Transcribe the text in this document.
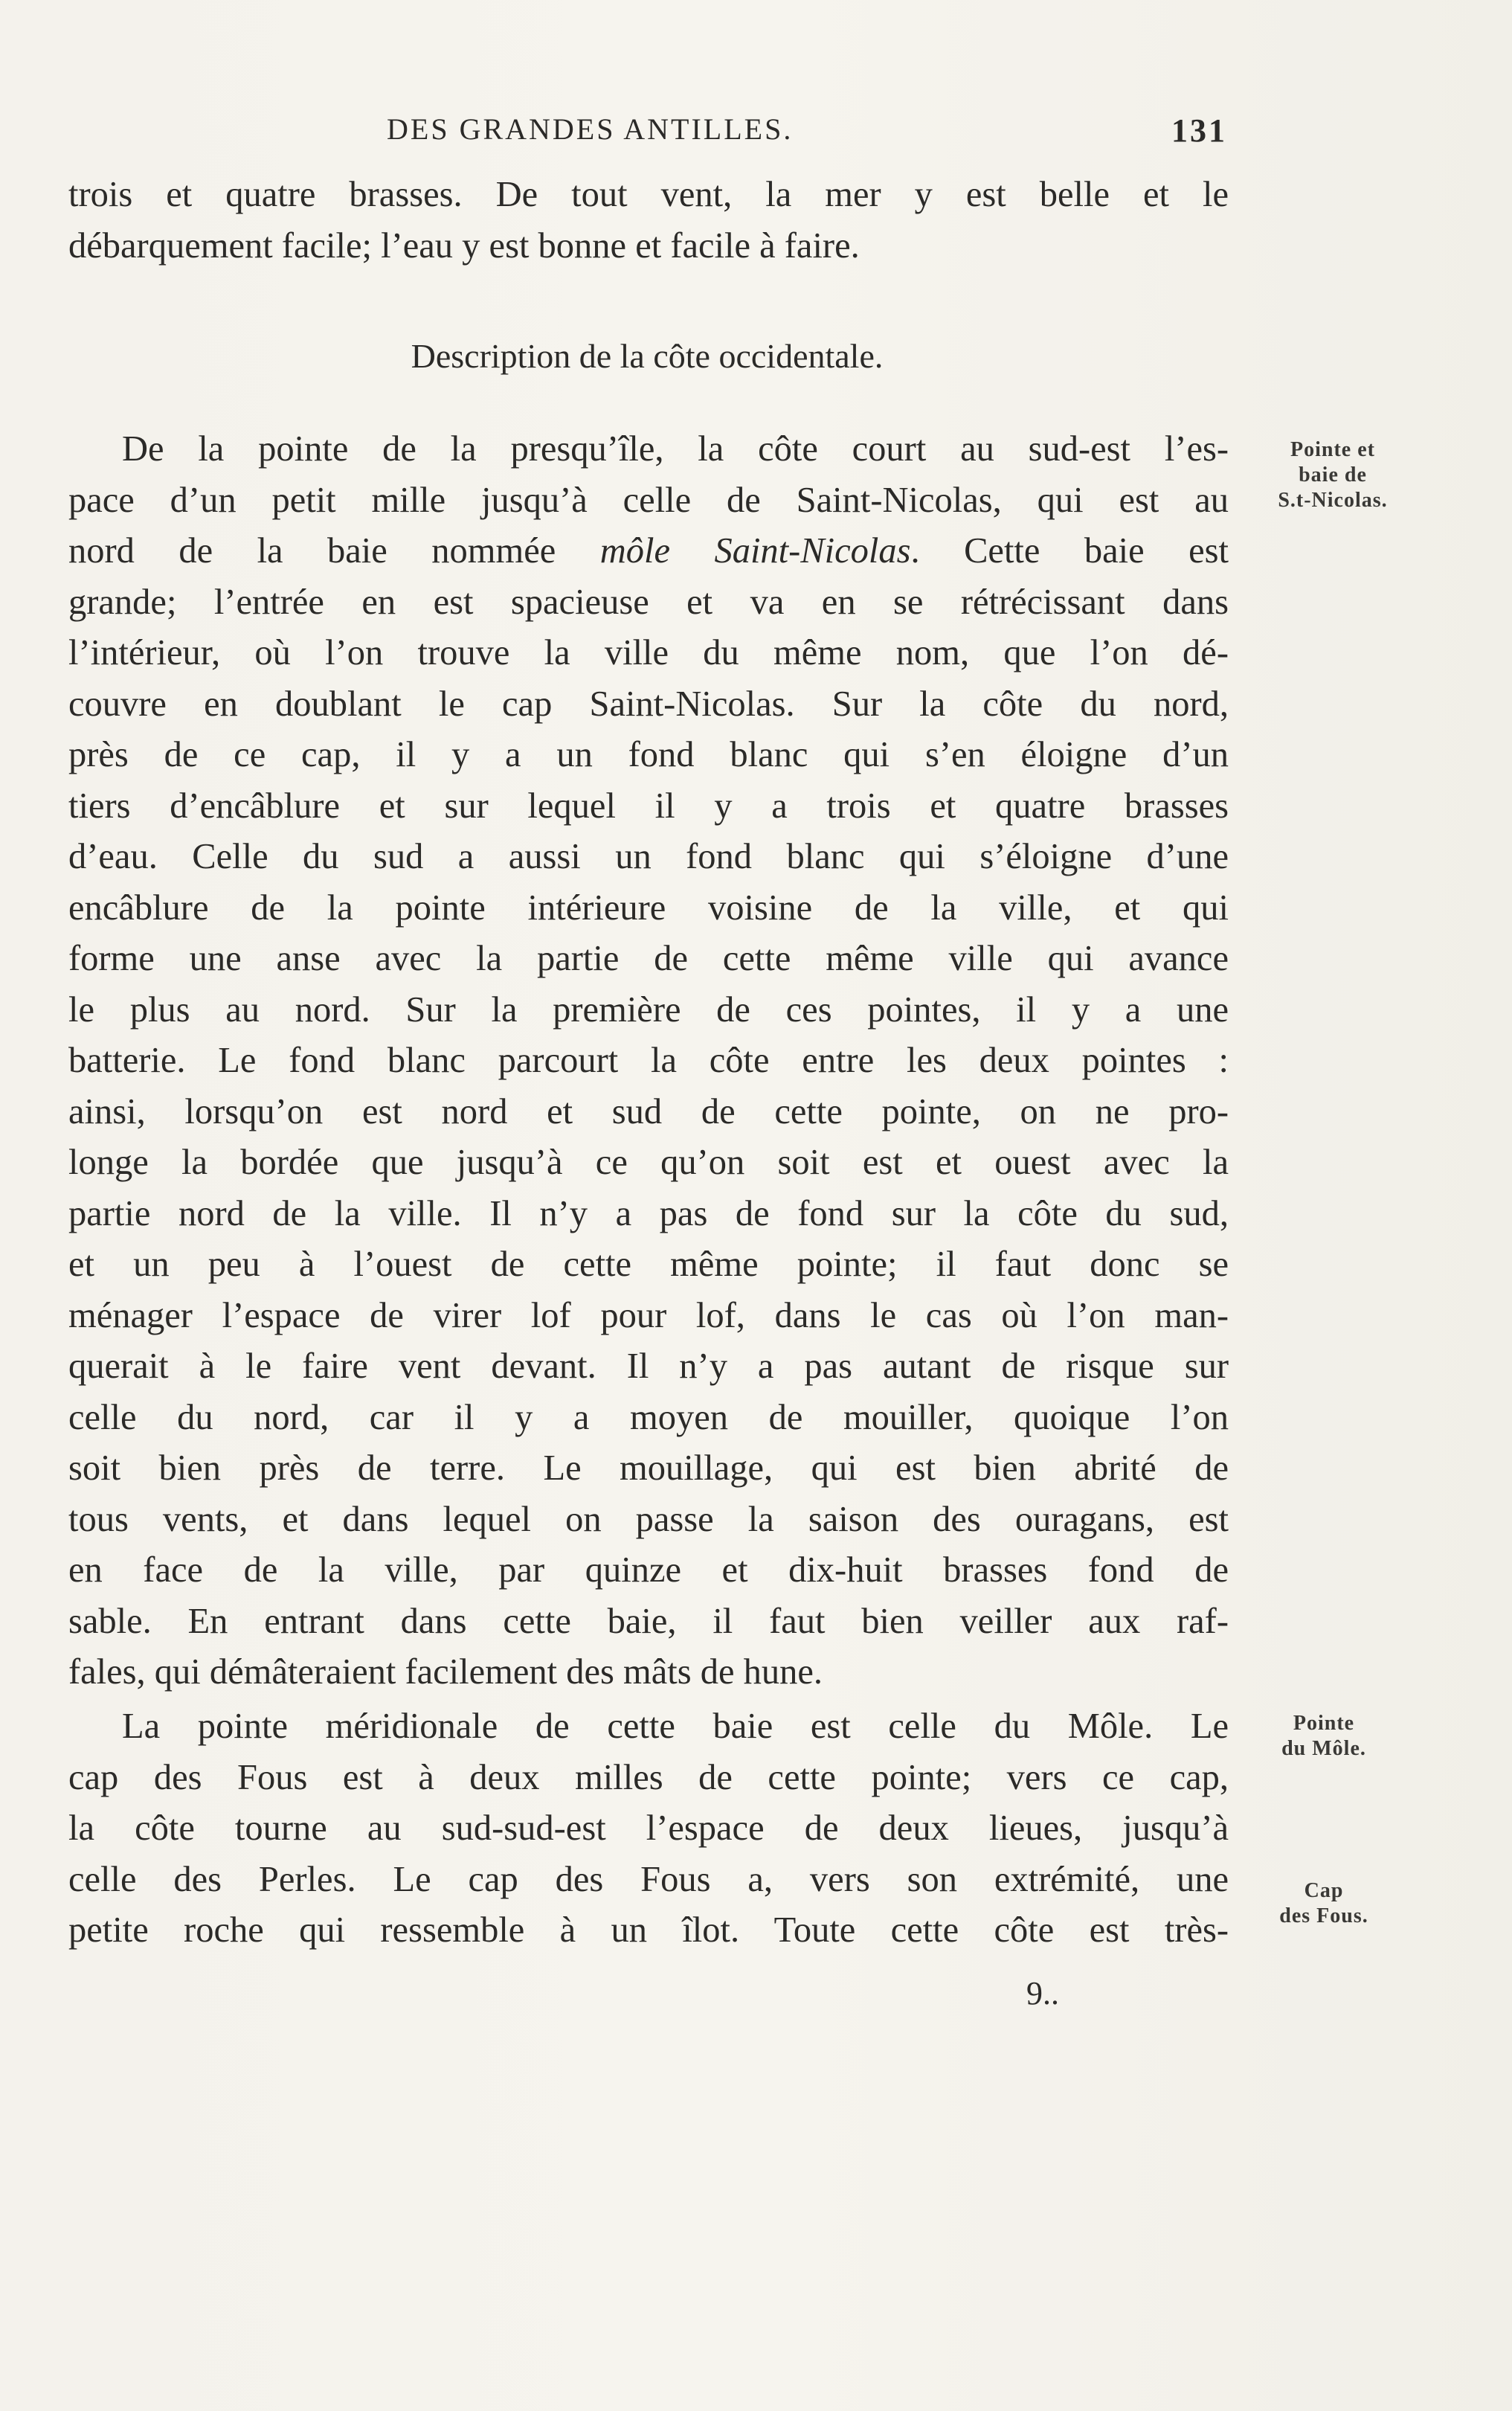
DES GRANDES ANTILLES.	131
trois et quatre brasses. De tout vent, la mer y est belle et le
débarquement facile; l’eau y est bonne et facile à faire.
Description de la côte occidentale.
De la pointe de la presqu’île, la côte court au sud-est l’es-
pace d’un petit mille jusqu’à celle de Saint-Nicolas, qui est au
nord de la baie nommée môle Saint-Nicolas. Cette baie est
grande; l’entrée en est spacieuse et va en se rétrécissant dans
l’intérieur, où l’on trouve la ville du même nom, que l’on dé-
couvre en doublant le cap Saint-Nicolas. Sur la côte du nord,
près de ce cap, il y a un fond blanc qui s’en éloigne d’un
tiers d’encâblure et sur lequel il y a trois et quatre brasses
d’eau. Celle du sud a aussi un fond blanc qui s’éloigne d’une
encâblure de la pointe intérieure voisine de la ville, et qui
forme une anse avec la partie de cette même ville qui avance
le plus au nord. Sur la première de ces pointes, il y a une
batterie. Le fond blanc parcourt la côte entre les deux pointes :
ainsi, lorsqu’on est nord et sud de cette pointe, on ne pro-
longe la bordée que jusqu’à ce qu’on soit est et ouest avec la
partie nord de la ville. Il n’y a pas de fond sur la côte du sud,
et un peu à l’ouest de cette même pointe; il faut donc se
ménager l’espace de virer lof pour lof, dans le cas où l’on man-
querait à le faire vent devant. Il n’y a pas autant de risque sur
celle du nord, car il y a moyen de mouiller, quoique l’on
soit bien près de terre. Le mouillage, qui est bien abrité de
tous vents, et dans lequel on passe la saison des ouragans, est
en face de la ville, par quinze et dix-huit brasses fond de
sable. En entrant dans cette baie, il faut bien veiller aux raf-
fales, qui démâteraient facilement des mâts de hune.
La pointe méridionale de cette baie est celle du Môle. Le
cap des Fous est à deux milles de cette pointe; vers ce cap,
la côte tourne au sud-sud-est l’espace de deux lieues, jusqu’à
celle des Perles. Le cap des Fous a, vers son extrémité, une
petite roche qui ressemble à un îlot. Toute cette côte est très-
Pointe et
baie de
S.t-Nicolas.
Pointe
du Môle.
Cap
des Fous.
9..
